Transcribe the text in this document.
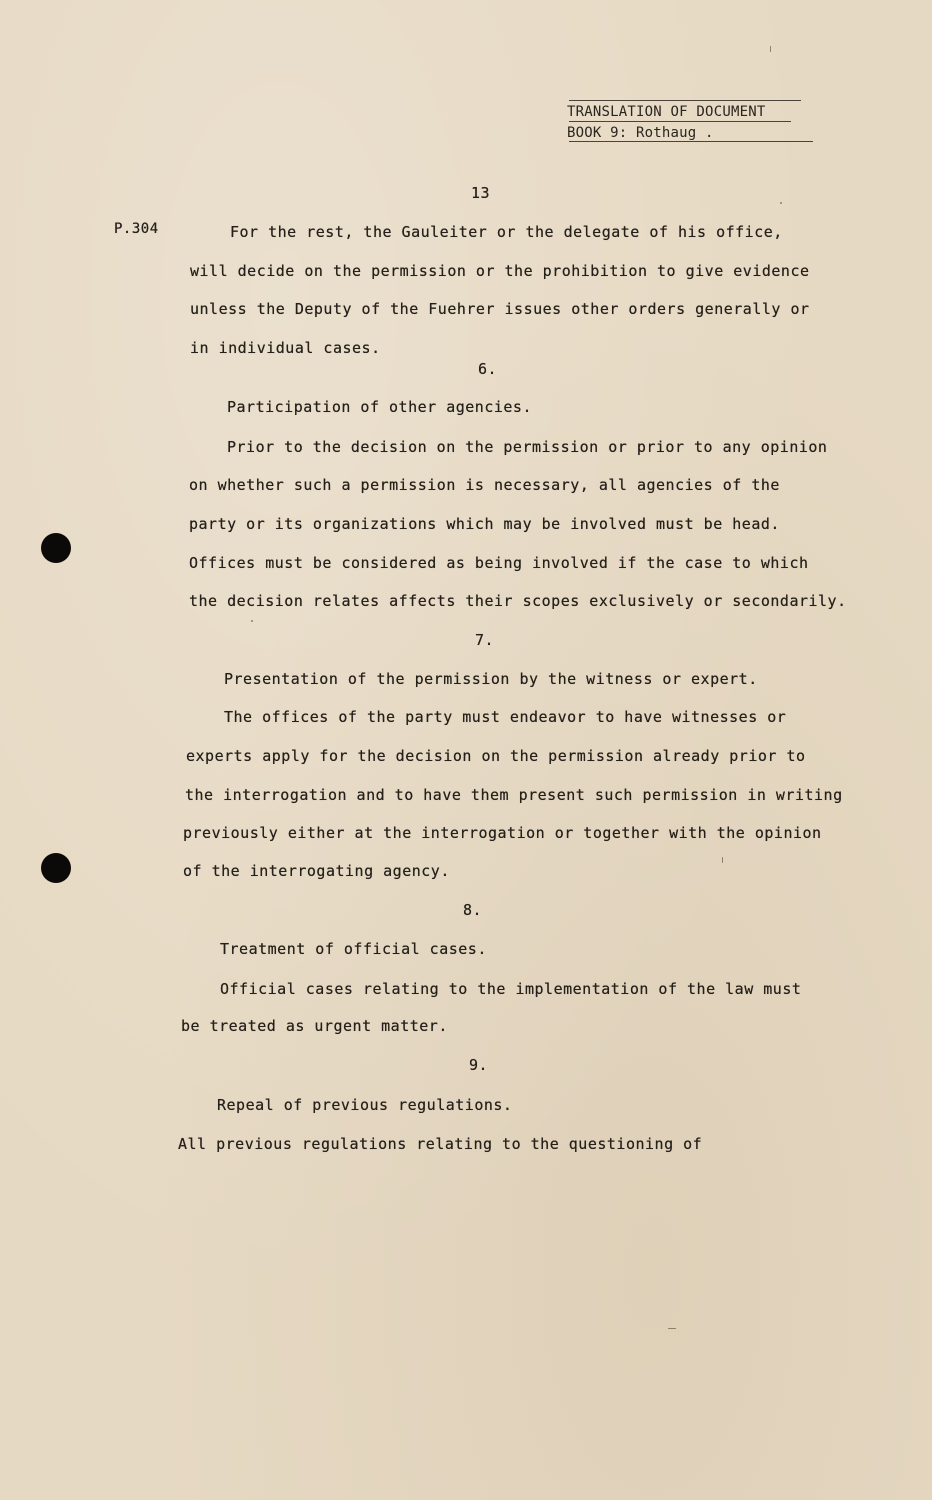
TRANSLATION OF DOCUMENT
BOOK 9: Rothaug .
13
P.304	For the rest, the Gauleiter or the delegate of his office,
will decide on the permission or the prohibition to give evidence
unless the Deputy of the Fuehrer issues other orders generally or
in individual cases.
6.
Participation of other agencies.
Prior to the decision on the permission or prior to any opinion
on whether such a permission is necessary, all agencies of the
party or its organizations which may be involved must be head.
Offices must be considered as being involved if the case to which
the decision relates affects their scopes exclusively or secondarily.
7.
Presentation of the permission by the witness or expert.
The offices of the party must endeavor to have witnesses or
experts apply for the decision on the permission already prior to
the interrogation and to have them present such permission in writing
previously either at the interrogation or together with the opinion
of the interrogating agency.
8.
Treatment of official cases.
Official cases relating to the implementation of the law must
be treated as urgent matter.
9.
Repeal of previous regulations.
All previous regulations relating to the questioning of
